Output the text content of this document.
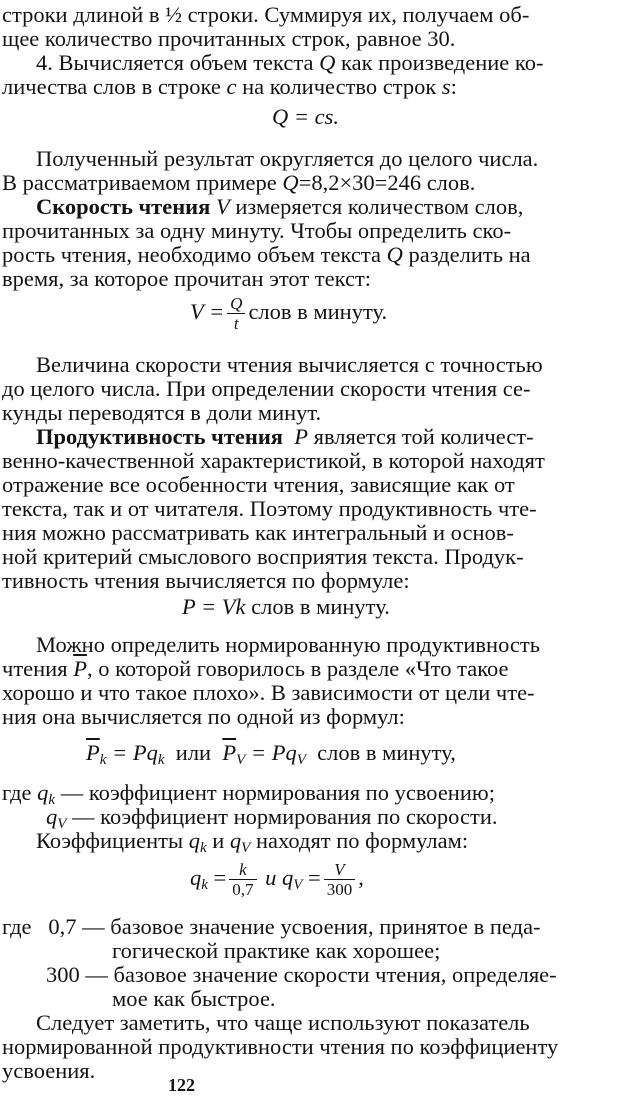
строки длиной в ½ строки. Суммируя их, получаем об-
щее количество прочитанных строк, равное 30.
4. Вычисляется объем текста Q как произведение ко-
личества слов в строке c на количество строк s:
Q = cs.
Полученный результат округляется до целого числа.
В рассматриваемом примере Q=8,2×30=246 слов.
Скорость чтения V измеряется количеством слов,
прочитанных за одну минуту. Чтобы определить ско-
рость чтения, необходимо объем текста Q разделить на
время, за которое прочитан этот текст:
$V = \frac{Q}{t}$ слов в минуту.
Величина скорости чтения вычисляется с точностью
до целого числа. При определении скорости чтения се-
кунды переводятся в доли минут.
Продуктивность чтения P является той количест-
венно-качественной характеристикой, в которой находят
отражение все особенности чтения, зависящие как от
текста, так и от читателя. Поэтому продуктивность чте-
ния можно рассматривать как интегральный и основ-
ной критерий смыслового восприятия текста. Продук-
тивность чтения вычисляется по формуле:
P = Vk слов в минуту.
Можно определить нормированную продуктивность
чтения $\overline{P}$, о которой говорилось в разделе «Что такое
хорошо и что такое плохо». В зависимости от цели чте-
ния она вычисляется по одной из формул:
$\overline{P}k$ = Pqk или $\overline{P}V$ = PqV слов в минуту,
где qk — коэффициент нормирования по усвоению;
qV — коэффициент нормирования по скорости.
Коэффициенты qk и qV находят по формулам:
qk = $\frac{k}{0,7}$ и qV = $\frac{V}{300}$ ,
где   0,7 — базовое значение усвоения, принятое в педа-
гогической практике как хорошее;
300 — базовое значение скорости чтения, определяе-
мое как быстрое.
Следует заметить, что чаще используют показатель
нормированной продуктивности чтения по коэффициенту
усвоения.
122
